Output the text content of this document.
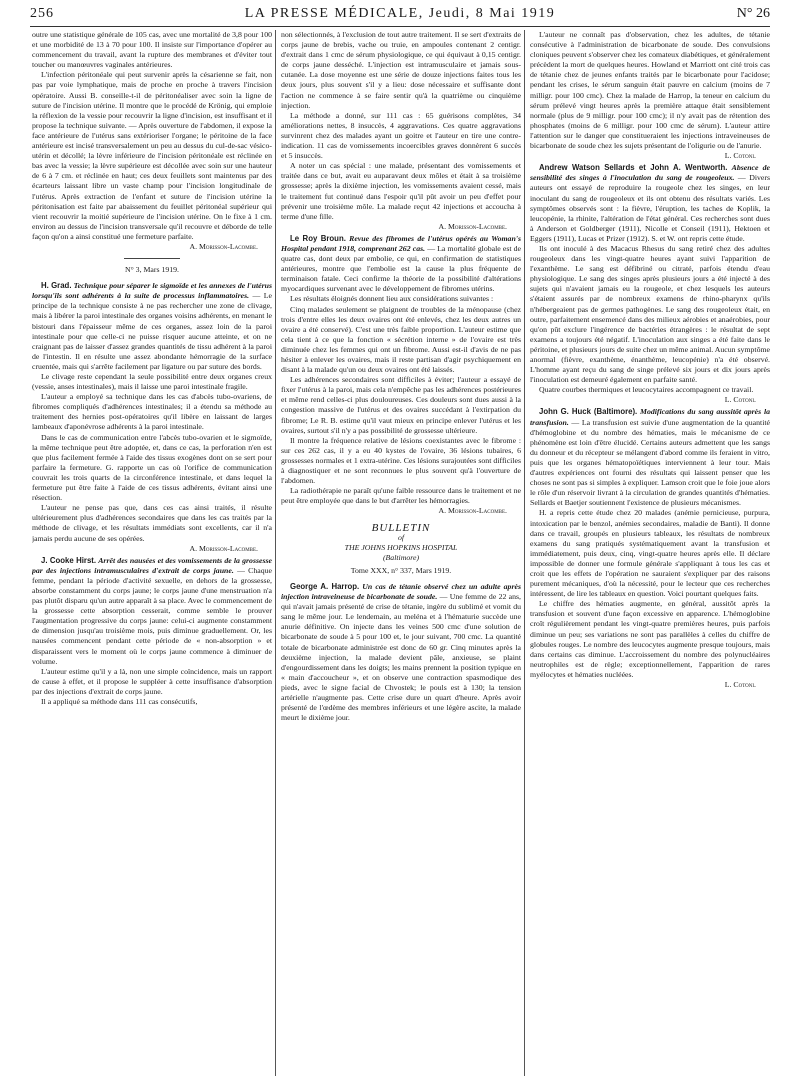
256	LA PRESSE MÉDICALE, Jeudi, 8 Mai 1919	N° 26

outre une statistique générale de 105 cas, avec une mortalité de 3,8 pour 100 et une morbidité de 13 à 70 pour 100. Il insiste sur l'importance d'opérer au commencement du travail, avant la rupture des membranes et d'éviter tout toucher ou manœuvres vaginales antérieures.

L'infection péritonéale qui peut survenir après la césarienne se fait, non pas par voie lymphatique, mais de proche en proche à travers l'incision opératoire. Aussi B. conseille-t-il de péritonéaliser avec soin la ligne de suture de l'incision utérine. Il montre que le procédé de Krönig, qui emploie la réflexion de la vessie pour recouvrir la ligne d'incision, est insuffisant et il propose la technique suivante. — Après ouverture de l'abdomen, il expose la face antérieure de l'utérus sans extérioriser l'organe; le péritoine de la face antérieure est incisé transversalement un peu au dessus du cul-de-sac vésico-utérin et décollé; la lèvre inférieure de l'incision péritonéale est réclinée en bas avec la vessie; la lèvre supérieure est décollée avec soin sur une hauteur de 6 à 7 cm. et réclinée en haut; ces deux feuillets sont maintenus par des écarteurs laissant libre un vaste champ pour l'incision longitudinale de l'utérus. Après extraction de l'enfant et suture de l'incision utérine la péritonisation est faite par abaissement du feuillet péritonéal supérieur qui vient recouvrir la moitié supérieure de l'incision utérine. On le fixe à 1 cm. environ au dessus de l'incision transversale qu'il recouvre et déborde de telle façon qu'on a ainsi constitué une fermeture parfaite.

A. Morisson-Lacombe.

N° 3, Mars 1919.

H. Grad. Technique pour séparer le sigmoïde et les annexes de l'utérus lorsqu'ils sont adhérents à la suite de processus inflammatoires. — Le principe de la technique consiste à ne pas rechercher une zone de clivage, mais à libérer la paroi intestinale des organes voisins adhérents, en menant le bistouri dans l'épaisseur même de ces organes, assez loin de la paroi intestinale pour que celle-ci ne puisse risquer aucune atteinte, et on ne craignant pas de laisser d'assez grandes quantités de tissu adhérent à la paroi de l'intestin. Il en résulte une assez abondante hémorragie de la surface cruentée, mais qui s'arrête facilement par ligature ou par suture des bords.

Le clivage reste cependant la seule possibilité entre deux organes creux (vessie, anses intestinales), mais il laisse une paroi intestinale fragile.

L'auteur a employé sa technique dans les cas d'abcès tubo-ovariens, de fibromes compliqués d'adhérences intestinales; il a étendu sa méthode au traitement des hernies post-opératoires qu'il libère en laissant de larges lambeaux d'aponévrose adhérents à la paroi intestinale.

Dans le cas de communication entre l'abcès tubo-ovarien et le sigmoïde, la même technique peut être adoptée, et, dans ce cas, la perforation n'en est que plus facilement fermée à l'aide des tissus exogènes dont on se sert pour parfaire la fermeture. G. rapporte un cas où l'orifice de communication couvrait les trois quarts de la circonférence intestinale, et dans lequel la fermeture put être faite à l'aide de ces tissus adhérents, évitant ainsi une résection.

L'auteur ne pense pas que, dans ces cas ainsi traités, il résulte ultérieurement plus d'adhérences secondaires que dans les cas traités par la méthode de clivage, et les résultats immédiats sont excellents, car il n'a jamais perdu aucune de ses opérées.

A. Morisson-Lacombe.

J. Cooke Hirst. Arrêt des nausées et des vomissements de la grossesse par des injections intramusculaires d'extrait de corps jaune. — Chaque femme, pendant la période d'activité sexuelle, en dehors de la grossesse, absorbe constamment du corps jaune; le corps jaune d'une menstruation n'a pas plutôt disparu qu'un autre apparaît à sa place. Avec le commencement de la grossesse cette absorption cesserait, comme semble le prouver l'augmentation progressive du corps jaune: celui-ci augmente constamment de dimension jusqu'au troisième mois, puis diminue graduellement. Or, les nausées commencent pendant cette période de « non-absorption » et disparaissent vers le moment où le corps jaune commence à diminuer de volume.

L'auteur estime qu'il y a là, non une simple coïncidence, mais un rapport de cause à effet, et il propose le suppléer à cette insuffisance d'absorption par des injections d'extrait de corps jaune.

Il a appliqué sa méthode dans 111 cas consécutifs,

non sélectionnés, à l'exclusion de tout autre traitement. Il se sert d'extraits de corps jaune de brebis, vache ou truie, en ampoules contenant 2 centigr. d'extrait dans 1 cmc de sérum physiologique, ce qui équivaut à 0,15 centigr. de corps jaune desséché. L'injection est intramusculaire et jamais sous-cutanée. La dose moyenne est une série de douze injections faites tous les deux jours, plus souvent s'il y a lieu: dose nécessaire et suffisante dont l'action ne commence à se faire sentir qu'à la quatrième ou cinquième injection.

La méthode a donné, sur 111 cas : 65 guérisons complètes, 34 améliorations nettes, 8 insuccès, 4 aggravations. Ces quatre aggravations survinrent chez des malades ayant un goitre et l'auteur en tire une contre-indication. 11 cas de vomissements incoercibles graves donnèrent 6 succès et 5 insuccès.

A noter un cas spécial : une malade, présentant des vomissements et traitée dans ce but, avait eu auparavant deux môles et était à sa troisième grossesse; après la dixième injection, les vomissements avaient cessé, mais le traitement fut continué dans l'espoir qu'il pût avoir un peu d'effet pour prévenir une troisième môle. La malade reçut 42 injections et accoucha à terme d'une fille.

A. Morisson-Lacombe.

Le Roy Broun. Revue des fibromes de l'utérus opérés au Woman's Hospital pendant 1918, comprenant 262 cas. — La mortalité globale est de quatre cas, dont deux par embolie, ce qui, en confirmation de statistiques antérieures, montre que l'embolie est la cause la plus fréquente de terminaison fatale. Ceci confirme la théorie de la possibilité d'altérations myocardiques survenant avec le développement de fibromes utérins.

Les résultats éloignés donnent lieu aux considérations suivantes :

Cinq malades seulement se plaignent de troubles de la ménopause (chez trois d'entre elles les deux ovaires ont été enlevés, chez les deux autres un ovaire a été conservé). C'est une très faible proportion. L'auteur estime que cela tient à ce que la fonction « sécrétion interne » de l'ovaire est très diminuée chez les femmes qui ont un fibrome. Aussi est-il d'avis de ne pas hésiter à enlever les ovaires, mais il reste partisan d'agir psychiquement en disant à la malade qu'un ou deux ovaires ont été laissés.

Les adhérences secondaires sont difficiles à éviter; l'auteur a essayé de fixer l'utérus à la paroi, mais cela n'empêche pas les adhérences postérieures et même rend celles-ci plus douloureuses. Ces douleurs sont dues aussi à la congestion massive de l'utérus et des ovaires succédant à l'extirpation du fibrome; Le R. B. estime qu'il vaut mieux en principe enlever l'utérus et les ovaires, surtout s'il n'y a pas possibilité de grossesse ultérieure.

Il montre la fréquence relative de lésions coexistantes avec le fibrome : sur ces 262 cas, il y a eu 40 kystes de l'ovaire, 36 lésions tubaires, 6 grossesses normales et 1 extra-utérine. Ces lésions surajoutées sont difficiles à diagnostiquer et ne sont reconnues le plus souvent qu'à l'ouverture de l'abdomen.

La radiothérapie ne paraît qu'une faible ressource dans le traitement et ne peut être employée que dans le but d'arrêter les hémorragies.

A. Morisson-Lacombe.

BULLETIN

of

THE JOHNS HOPKINS HOSPITAL

(Baltimore)

Tome XXX, n° 337, Mars 1919.

George A. Harrop. Un cas de tétanie observé chez un adulte après injection intraveineuse de bicarbonate de soude. — Une femme de 22 ans, qui n'avait jamais présenté de crise de tétanie, ingère du sublimé et vomit du sang le même jour. Le lendemain, au meléna et à l'hématurie succède une anurie définitive. On injecte dans les veines 500 cmc d'une solution de bicarbonate de soude à 5 pour 100 et, le jour suivant, 700 cmc. La quantité totale de bicarbonate administrée est donc de 60 gr. Cinq minutes après la deuxième injection, la malade devient pâle, anxieuse, se plaint d'engourdissement dans les doigts; les mains prennent la position typique en « main d'accoucheur », et on observe une contraction spasmodique des pieds, avec le signe facial de Chvostek; le pouls est à 130; la tension artérielle n'augmente pas. Cette crise dure un quart d'heure. Après avoir présenté de l'œdème des membres inférieurs et une légère ascite, la malade meurt le dixième jour.

L'auteur ne connaît pas d'observation, chez les adultes, de tétanie consécutive à l'administration de bicarbonate de soude. Des convulsions cloniques peuvent s'observer chez les comateux diabétiques, et généralement précèdent la mort de quelques heures. Howland et Marriott ont cité trois cas de tétanie chez de jeunes enfants traités par le bicarbonate pour l'acidose; pendant les crises, le sérum sanguin était pauvre en calcium (moins de 7 milligr. pour 100 cmc). Chez la malade de Harrop, la teneur en calcium du sérum prélevé vingt heures après la première attaque était sensiblement normale (plus de 9 milligr. pour 100 cmc); il n'y avait pas de rétention des phosphates (moins de 6 milligr. pour 100 cmc de sérum). L'auteur attire l'attention sur le danger que constitueraient les injections intraveineuses de bicarbonate de soude chez les sujets présentant de l'oligurie ou de l'anurie.

L. Cotoni.

Andrew Watson Sellards et John A. Wentworth. Absence de sensibilité des singes à l'inoculation du sang de rougeoleux. — Divers auteurs ont essayé de reproduire la rougeole chez les singes, en leur inoculant du sang de rougeoleux et ils ont obtenu des résultats variés. Les symptômes observés sont : la fièvre, l'éruption, les taches de Koplik, la leucopénie, la rhinite, l'altération de l'état général. Ces recherches sont dues à Anderson et Goldberger (1911), Nicolle et Conseil (1911), Hektoen et Eggers (1911), Lucas et Prizer (1912). S. et W. ont repris cette étude.

Ils ont inoculé à des Macacus Rhesus du sang retiré chez des adultes rougeoleux dans les vingt-quatre heures ayant suivi l'apparition de l'exanthème. Le sang est défibriné ou citraté, parfois étendu d'eau physiologique. Le sang des singes après plusieurs jours a été injecté à des sujets qui n'avaient jamais eu la rougeole, et chez lesquels les auteurs s'étaient assurés par de nombreux examens de rhino-pharynx qu'ils n'hébergeaient pas de germes pathogènes. Le sang des rougeoleux était, en outre, parfaitement ensemencé dans des milieux aérobies et anaérobies, pour qu'on pût exclure l'ingérence de bactéries étrangères : le résultat de sept examens a toujours été négatif. L'inoculation aux singes a été faite dans le péritoine, et plusieurs jours de suite chez un même animal. Aucun symptôme anormal (fièvre, exanthème, énanthème, leucopénie) n'a été observé. L'homme ayant reçu du sang de singe prélevé six jours et dix jours après l'inoculation est demeuré également en parfaite santé.

Quatre courbes thermiques et leucocytaires accompagnent ce travail.

L. Cotoni.

John G. Huck (Baltimore). Modifications du sang aussitôt après la transfusion. — La transfusion est suivie d'une augmentation de la quantité d'hémoglobine et du nombre des hématies, mais le mécanisme de ce phénomène est loin d'être élucidé. Certains auteurs admettent que les sangs du donneur et du récepteur se mélangent d'abord comme ils feraient in vitro, puis que les organes hématopoïétiques interviennent à leur tour. Mais d'autres expériences ont fourni des résultats qui laissent penser que les choses ne sont pas si simples à expliquer. Lamson croit que le foie joue alors le rôle d'un réservoir livrant à la circulation de grandes quantités d'hématies. Sellards et Baetjer soutiennent l'existence de plusieurs mécanismes.

H. a repris cette étude chez 20 malades (anémie pernicieuse, purpura, intoxication par le benzol, anémies secondaires, maladie de Banti). Il donne dans ce travail, groupés en plusieurs tableaux, les résultats de nombreux examens du sang pratiqués systématiquement avant la transfusion et immédiatement, puis deux, cinq, vingt-quatre heures après elle. Il déclare impossible de donner une formule générale s'appliquant à tous les cas et croit que les effets de l'opération ne sauraient s'expliquer par des raisons purement mécaniques, d'où la nécessité, pour le lecteur que ces recherches intéressent, de lire les tableaux en question. Voici pourtant quelques faits.

Le chiffre des hématies augmente, en général, aussitôt après la transfusion et souvent d'une façon excessive en apparence. L'hémoglobine croît régulièrement pendant les vingt-quatre premières heures, puis parfois diminue un peu; ses variations ne sont pas parallèles à celles du chiffre de globules rouges. Le nombre des leucocytes augmente presque toujours, mais dans certains cas diminue. L'accroissement du nombre des polynucléaires neutrophiles est de règle; exceptionnellement, l'apparition de rares myélocytes et hématies nucléées.

L. Cotoni.
